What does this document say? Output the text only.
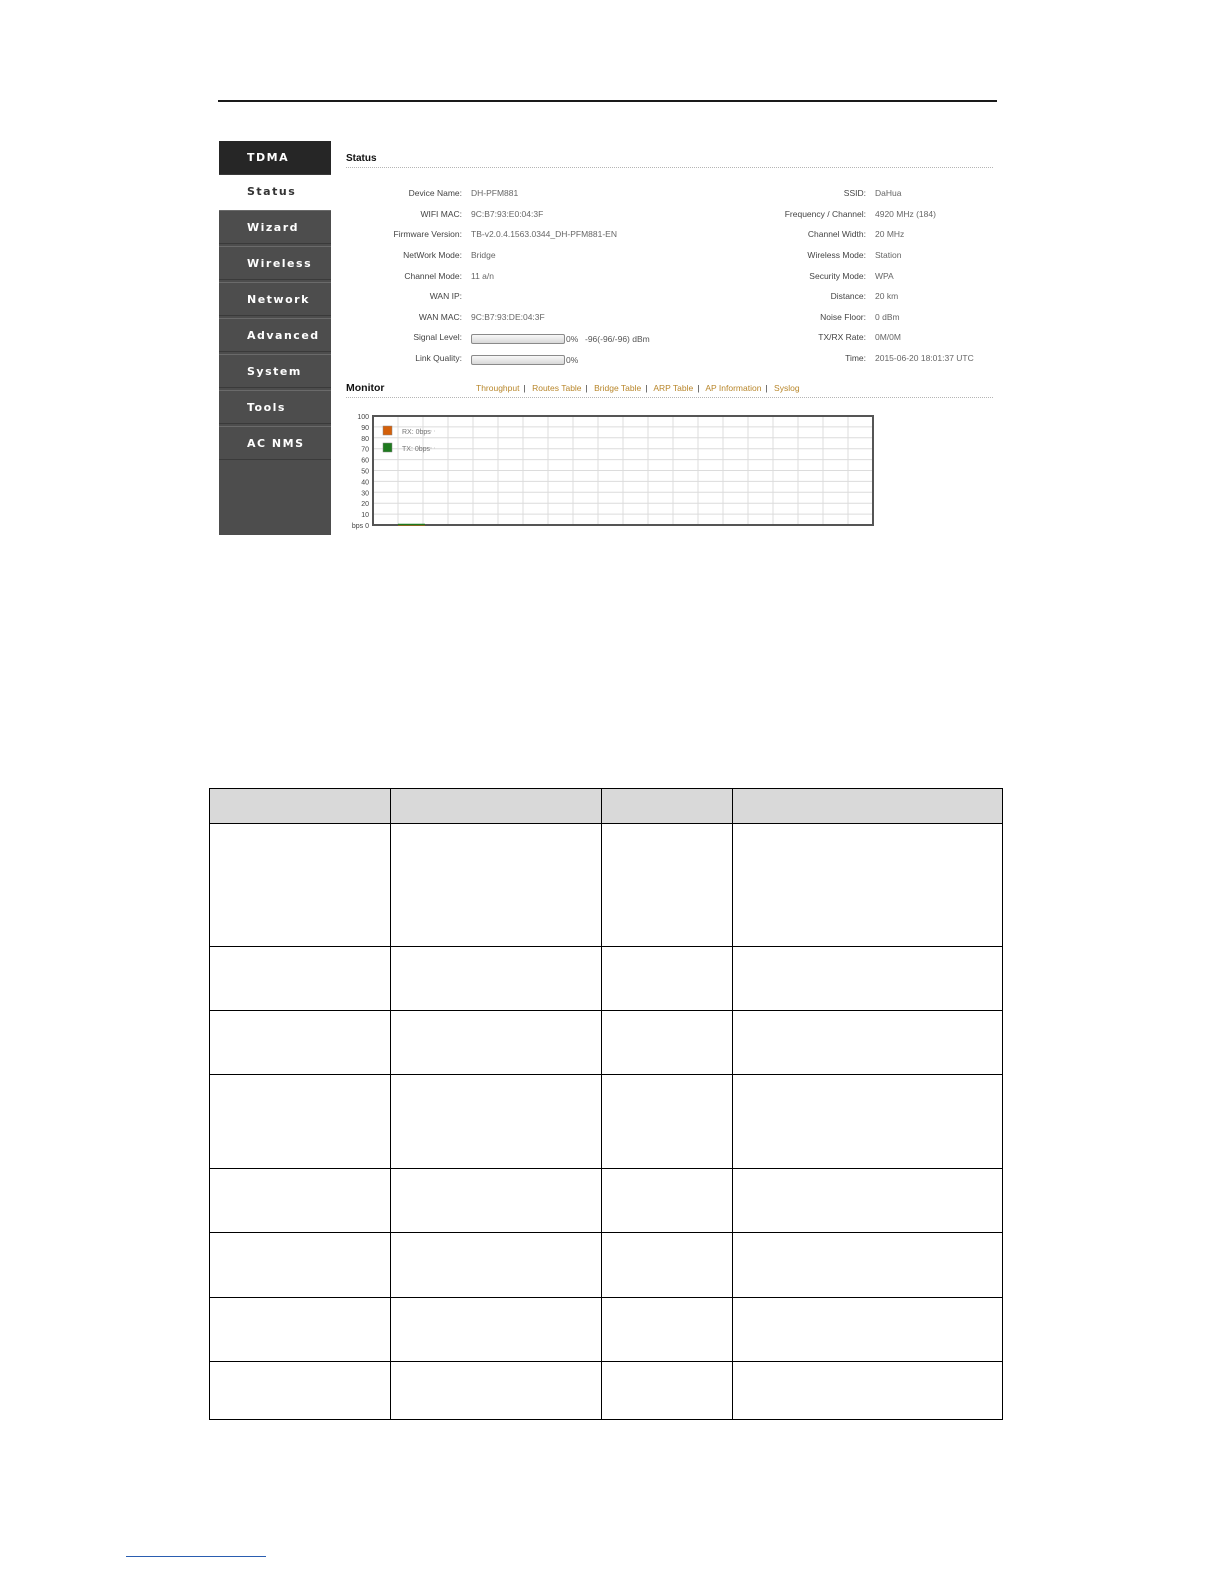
TDMA
Status
Wizard
Wireless
Network
Advanced
System
Tools
AC NMS
Status
Device Name: DH-PFM881
WIFI MAC: 9C:B7:93:E0:04:3F
Firmware Version: TB-v2.0.4.1563.0344_DH-PFM881-EN
NetWork Mode: Bridge
Channel Mode: 11 a/n
WAN IP:
WAN MAC: 9C:B7:93:DE:04:3F
Signal Level:	0% -96(-96/-96) dBm
Link Quality:	0%
SSID: DaHua
Frequency / Channel: 4920 MHz (184)
Channel Width: 20 MHz
Wireless Mode: Station
Security Mode: WPA
Distance: 20 km
Noise Floor: 0 dBm
TX/RX Rate: 0M/0M
Time: 2015-06-20 18:01:37 UTC
Monitor	Throughput | Routes Table | Bridge Table | ARP Table | AP Information | Syslog
100
90
80
70
60
50
40
30
20
10
bps 0
RX: 0bps
TX: 0bps
